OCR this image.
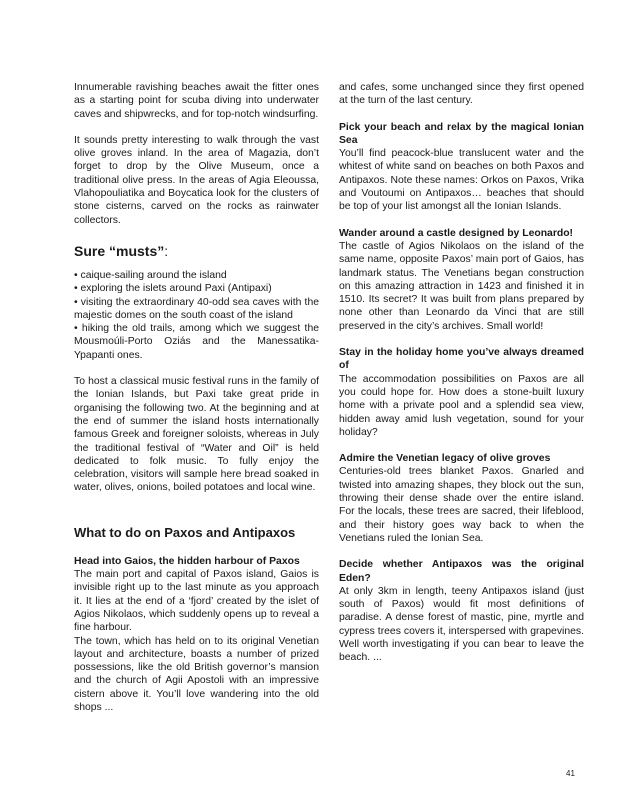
Innumerable ravishing beaches await the fitter ones as a starting point for scuba diving into underwater caves and shipwrecks, and for top-notch windsurfing.

It sounds pretty interesting to walk through the vast olive groves inland. In the area of Magazia, don’t forget to drop by the Olive Museum, once a traditional olive press. In the areas of Agia Eleoussa, Vlahopouliatika and Boycatica look for the clusters of stone cisterns, carved on the rocks as rainwater collectors.

Sure “musts”:
• caique-sailing around the island
• exploring the islets around Paxi (Antipaxi)
• visiting the extraordinary 40-odd sea caves with the majestic domes on the south coast of the island
• hiking the old trails, among which we suggest the Mousmoúli-Porto Oziás and the Manessatika-Ypapanti ones.

To host a classical music festival runs in the family of the Ionian Islands, but Paxi take great pride in organising the following two. At the beginning and at the end of summer the island hosts internationally famous Greek and foreigner soloists, whereas in July the traditional festival of “Water and Oil” is held dedicated to folk music. To fully enjoy the celebration, visitors will sample here bread soaked in water, olives, onions, boiled potatoes and local wine.

What to do on Paxos and Antipaxos
Head into Gaios, the hidden harbour of Paxos

The main port and capital of Paxos island, Gaios is invisible right up to the last minute as you approach it. It lies at the end of a ‘fjord’ created by the islet of Agios Nikolaos, which suddenly opens up to reveal a fine harbour.

The town, which has held on to its original Venetian layout and architecture, boasts a number of prized possessions, like the old British governor’s mansion and the church of Agii Apostoli with an impressive cistern above it. You’ll love wandering into the old shops ...

and cafes, some unchanged since they first opened at the turn of the last century.

Pick your beach and relax by the magical Ionian Sea

You’ll find peacock-blue translucent water and the whitest of white sand on beaches on both Paxos and Antipaxos. Note these names: Orkos on Paxos, Vrika and Voutoumi on Antipaxos… beaches that should be top of your list amongst all the Ionian Islands.

Wander around a castle designed by Leonardo!

The castle of Agios Nikolaos on the island of the same name, opposite Paxos’ main port of Gaios, has landmark status. The Venetians began construction on this amazing attraction in 1423 and finished it in 1510. Its secret? It was built from plans prepared by none other than Leonardo da Vinci that are still preserved in the city’s archives. Small world!

Stay in the holiday home you’ve always dreamed of

The accommodation possibilities on Paxos are all you could hope for. How does a stone-built luxury home with a private pool and a splendid sea view, hidden away amid lush vegetation, sound for your holiday?

Admire the Venetian legacy of olive groves

Centuries-old trees blanket Paxos. Gnarled and twisted into amazing shapes, they block out the sun, throwing their dense shade over the entire island. For the locals, these trees are sacred, their lifeblood, and their history goes way back to when the Venetians ruled the Ionian Sea.

Decide whether Antipaxos was the original Eden?

At only 3km in length, teeny Antipaxos island (just south of Paxos) would fit most definitions of paradise. A dense forest of mastic, pine, myrtle and cypress trees covers it, interspersed with grapevines. Well worth investigating if you can bear to leave the beach. ...

41
